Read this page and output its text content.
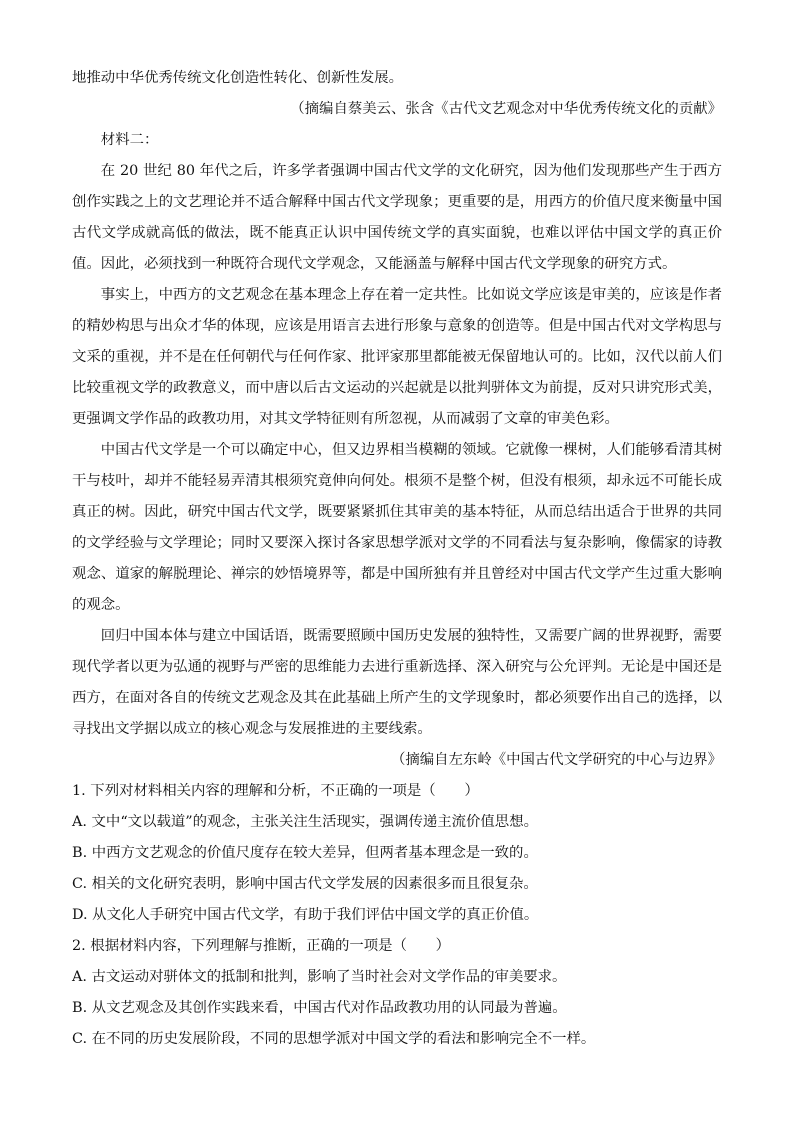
地推动中华优秀传统文化创造性转化、创新性发展。

（摘编自蔡美云、张含《古代文艺观念对中华优秀传统文化的贡献》

材料二：

在 20 世纪 80 年代之后，许多学者强调中国古代文学的文化研究，因为他们发现那些产生于西方创作实践之上的文艺理论并不适合解释中国古代文学现象；更重要的是，用西方的价值尺度来衡量中国古代文学成就高低的做法，既不能真正认识中国传统文学的真实面貌，也难以评估中国文学的真正价值。因此，必须找到一种既符合现代文学观念，又能涵盖与解释中国古代文学现象的研究方式。
事实上，中西方的文艺观念在基本理念上存在着一定共性。比如说文学应该是审美的，应该是作者的精妙构思与出众才华的体现，应该是用语言去进行形象与意象的创造等。但是中国古代对文学构思与文采的重视，并不是在任何朝代与任何作家、批评家那里都能被无保留地认可的。比如，汉代以前人们比较重视文学的政教意义，而中唐以后古文运动的兴起就是以批判骈体文为前提，反对只讲究形式美，更强调文学作品的政教功用，对其文学特征则有所忽视，从而减弱了文章的审美色彩。
中国古代文学是一个可以确定中心，但又边界相当模糊的领域。它就像一棵树，人们能够看清其树干与枝叶，却并不能轻易弄清其根须究竟伸向何处。根须不是整个树，但没有根须，却永远不可能长成真正的树。因此，研究中国古代文学，既要紧紧抓住其审美的基本特征，从而总结出适合于世界的共同的文学经验与文学理论；同时又要深入探讨各家思想学派对文学的不同看法与复杂影响，像儒家的诗教观念、道家的解脱理论、禅宗的妙悟境界等，都是中国所独有并且曾经对中国古代文学产生过重大影响的观念。
回归中国本体与建立中国话语，既需要照顾中国历史发展的独特性，又需要广阔的世界视野，需要现代学者以更为弘通的视野与严密的思维能力去进行重新选择、深入研究与公允评判。无论是中国还是西方，在面对各自的传统文艺观念及其在此基础上所产生的文学现象时，都必须要作出自己的选择，以寻找出文学据以成立的核心观念与发展推进的主要线索。

（摘编自左东岭《中国古代文学研究的中心与边界》

1. 下列对材料相关内容的理解和分析，不正确的一项是（　　）

A. 文中“文以载道”的观念，主张关注生活现实，强调传递主流价值思想。

B. 中西方文艺观念的价值尺度存在较大差异，但两者基本理念是一致的。

C. 相关的文化研究表明，影响中国古代文学发展的因素很多而且很复杂。

D. 从文化人手研究中国古代文学，有助于我们评估中国文学的真正价值。

2. 根据材料内容，下列理解与推断，正确的一项是（　　）

A. 古文运动对骈体文的抵制和批判，影响了当时社会对文学作品的审美要求。

B. 从文艺观念及其创作实践来看，中国古代对作品政教功用的认同最为普遍。

C. 在不同的历史发展阶段，不同的思想学派对中国文学的看法和影响完全不一样。
